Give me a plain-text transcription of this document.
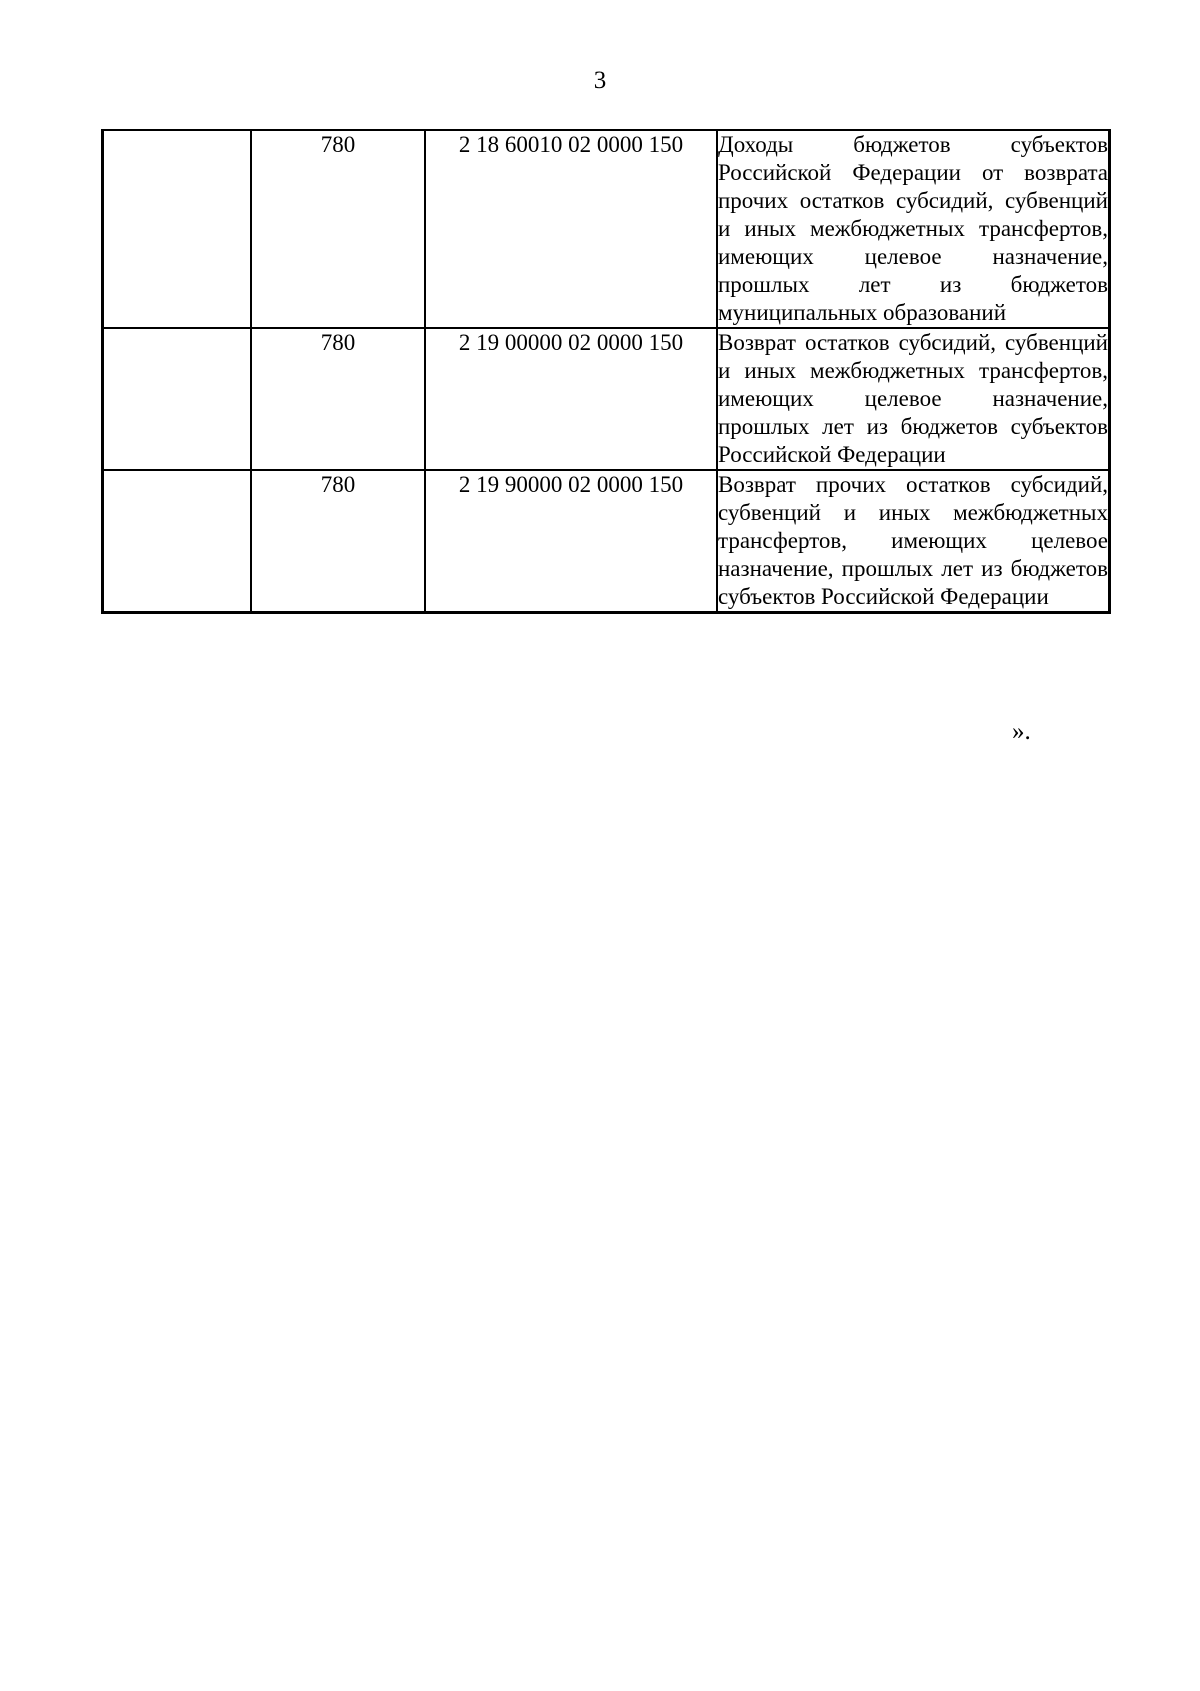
3
	780	2 18 60010 02 0000 150	Доходы бюджетов субъектов Российской Федерации от возврата прочих остатков субсидий, субвенций и иных межбюджетных трансфертов, имеющих целевое назначение, прошлых лет из бюджетов муниципальных образований
	780	2 19 00000 02 0000 150	Возврат остатков субсидий, субвенций и иных межбюджетных трансфертов, имеющих целевое назначение, прошлых лет из бюджетов субъектов Российской Федерации
	780	2 19 90000 02 0000 150	Возврат прочих остатков субсидий, субвенций и иных межбюджетных трансфертов, имеющих целевое назначение, прошлых лет из бюджетов субъектов Российской Федерации
».
